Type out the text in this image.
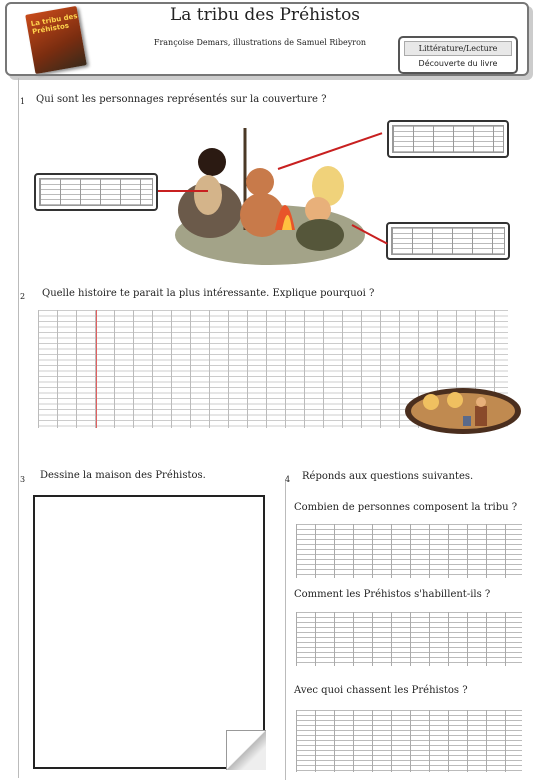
La tribu des Préhistos
La tribu des Préhistos
Françoise Demars, illustrations de Samuel Ribeyron
Littérature/Lecture
Découverte du livre
1 Qui sont les personnages représentés sur la couverture ?
2 Quelle histoire te parait la plus intéressante. Explique pourquoi ?
3 Dessine la maison des Préhistos.	4 Réponds aux questions suivantes.
Combien de personnes composent la tribu ?
Comment les Préhistos s'habillent-ils ?
Avec quoi chassent les Préhistos ?
